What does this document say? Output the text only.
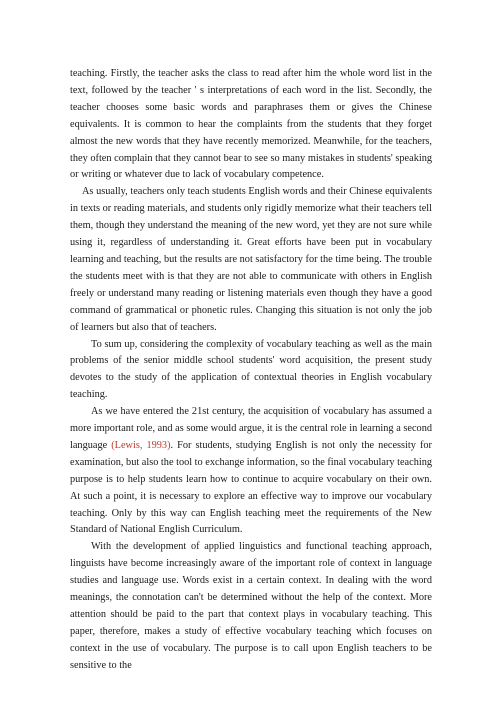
teaching. Firstly, the teacher asks the class to read after him the whole word list in the text, followed by the teacher ' s interpretations of each word in the list. Secondly, the teacher chooses some basic words and paraphrases them or gives the Chinese equivalents. It is common to hear the complaints from the students that they forget almost the new words that they have recently memorized. Meanwhile, for the teachers, they often complain that they cannot bear to see so many mistakes in students' speaking or writing or whatever due to lack of vocabulary competence.

As usually, teachers only teach students English words and their Chinese equivalents in texts or reading materials, and students only rigidly memorize what their teachers tell them, though they understand the meaning of the new word, yet they are not sure while using it, regardless of understanding it. Great efforts have been put in vocabulary learning and teaching, but the results are not satisfactory for the time being. The trouble the students meet with is that they are not able to communicate with others in English freely or understand many reading or listening materials even though they have a good command of grammatical or phonetic rules. Changing this situation is not only the job of learners but also that of teachers.

To sum up, considering the complexity of vocabulary teaching as well as the main problems of the senior middle school students' word acquisition, the present study devotes to the study of the application of contextual theories in English vocabulary teaching.

As we have entered the 21st century, the acquisition of vocabulary has assumed a more important role, and as some would argue, it is the central role in learning a second language (Lewis, 1993). For students, studying English is not only the necessity for examination, but also the tool to exchange information, so the final vocabulary teaching purpose is to help students learn how to continue to acquire vocabulary on their own. At such a point, it is necessary to explore an effective way to improve our vocabulary teaching. Only by this way can English teaching meet the requirements of the New Standard of National English Curriculum.

With the development of applied linguistics and functional teaching approach, linguists have become increasingly aware of the important role of context in language studies and language use. Words exist in a certain context. In dealing with the word meanings, the connotation can't be determined without the help of the context. More attention should be paid to the part that context plays in vocabulary teaching. This paper, therefore, makes a study of effective vocabulary teaching which focuses on context in the use of vocabulary. The purpose is to call upon English teachers to be sensitive to the
